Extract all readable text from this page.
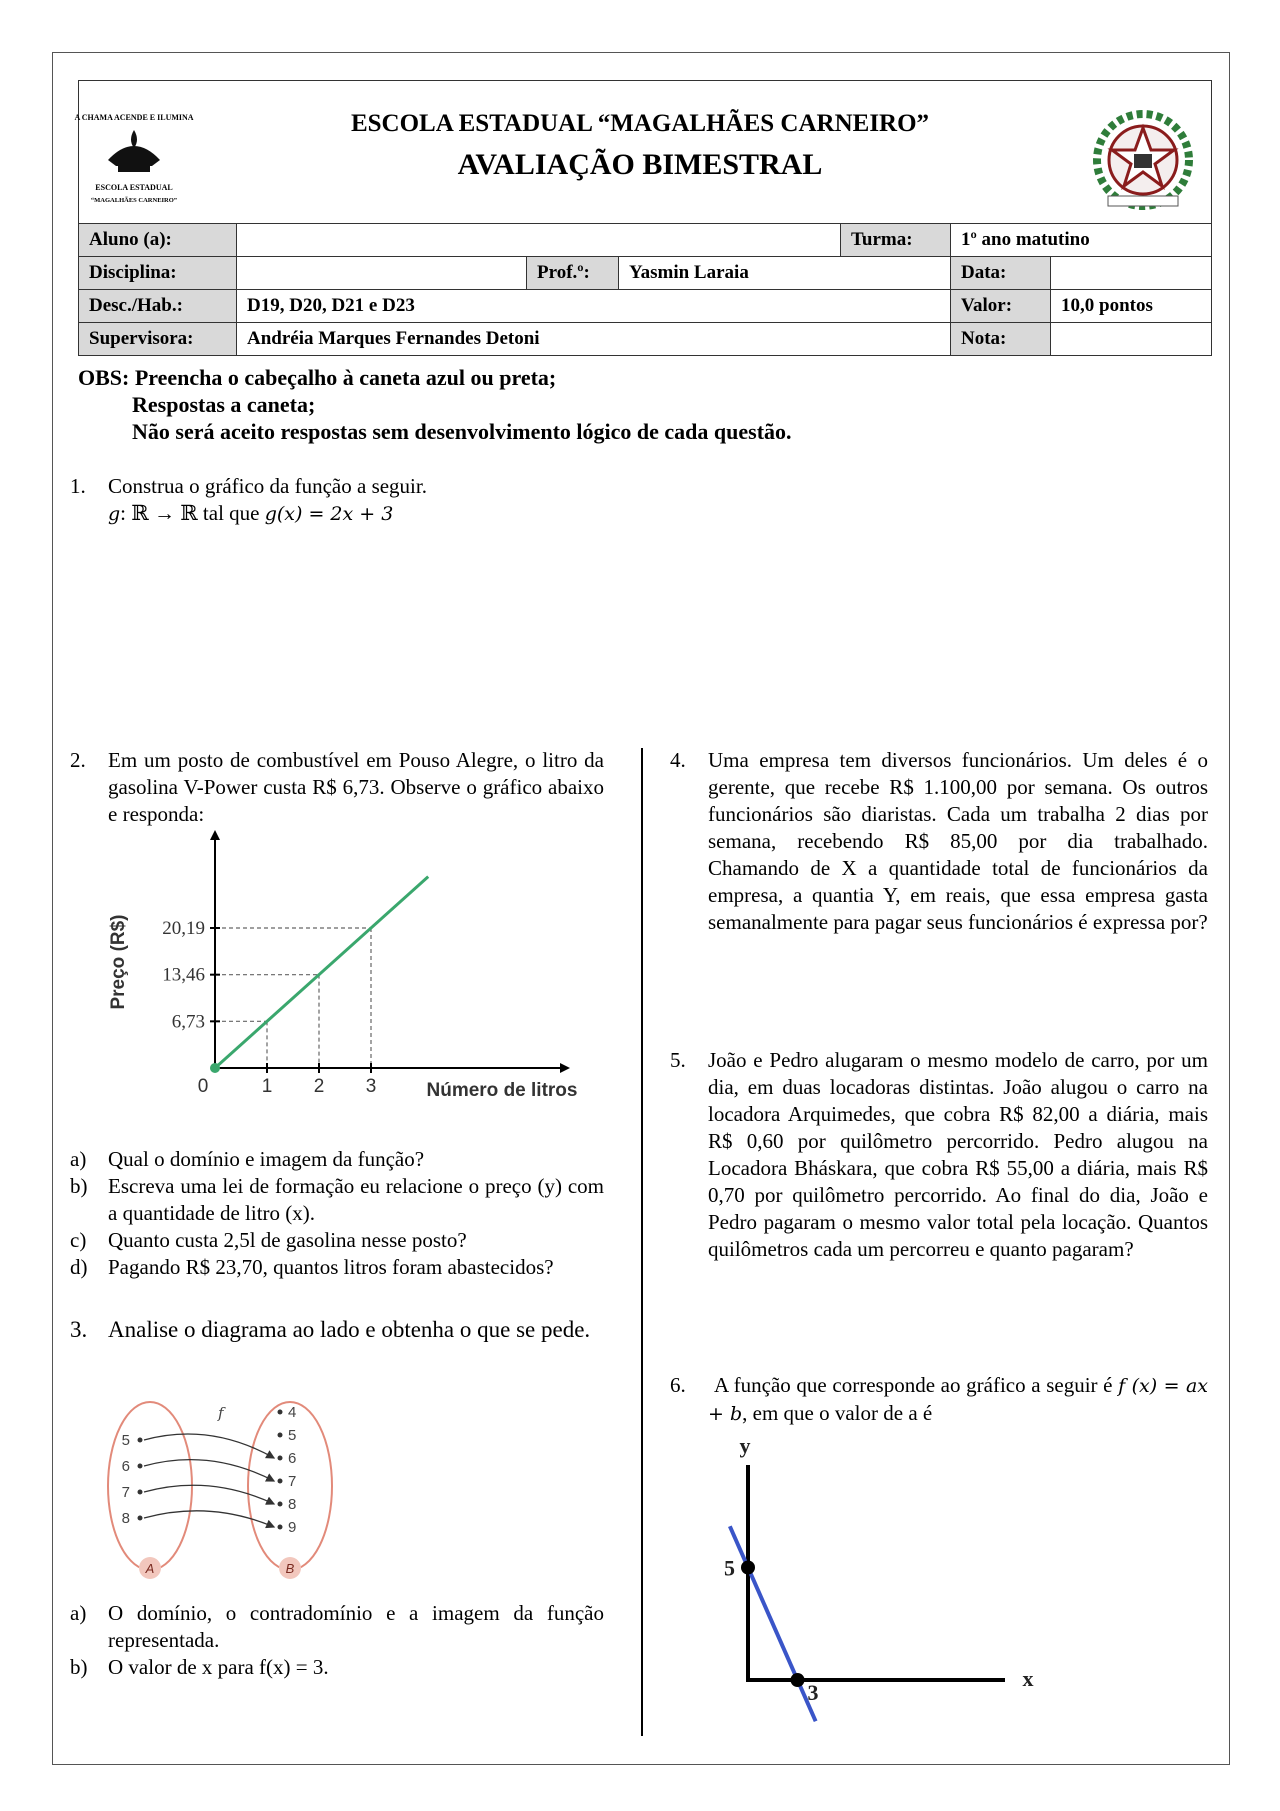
A CHAMA ACENDE E ILUMINA
ESCOLA ESTADUAL
“MAGALHÃES CARNEIRO”
ESCOLA ESTADUAL “MAGALHÃES CARNEIRO”
AVALIAÇÃO BIMESTRAL
Aluno (a):				Turma:	1º ano matutino	
Disciplina:		Prof.º:	Yasmin Laraia		Data:	
Desc./Hab.:	D19, D20, D21 e D23				Valor:	10,0 pontos
Supervisora:	Andréia Marques Fernandes Detoni				Nota:	
OBS: Preencha o cabeçalho à caneta azul ou preta;
Respostas a caneta;
Não será aceito respostas sem desenvolvimento lógico de cada questão.
1. Construa o gráfico da função a seguir.
g: ℝ → ℝ tal que g(x) = 2x + 3
2. Em um posto de combustível em Pouso Alegre, o litro da gasolina V-Power custa R$ 6,73. Observe o gráfico abaixo e responda:
0	1 2 3
6,73
13,46
20,19
Número de litros
Preço (R$)
a) Qual o domínio e imagem da função?
b) Escreva uma lei de formação eu relacione o preço (y) com a quantidade de litro (x).
c) Quanto custa 2,5l de gasolina nesse posto?
d) Pagando R$ 23,70, quantos litros foram abastecidos?
3. Analise o diagrama ao lado e obtenha o que se pede.
5
6
7
8
4
5
6
7
8
9
f
A	B
a) O domínio, o contradomínio e a imagem da função representada.
b) O valor de x para f(x) = 3.
4. Uma empresa tem diversos funcionários. Um deles é o gerente, que recebe R$ 1.100,00 por semana. Os outros funcionários são diaristas. Cada um trabalha 2 dias por semana, recebendo R$ 85,00 por dia trabalhado. Chamando de X a quantidade total de funcionários da empresa, a quantia Y, em reais, que essa empresa gasta semanalmente para pagar seus funcionários é expressa por?
5. João e Pedro alugaram o mesmo modelo de carro, por um dia, em duas locadoras distintas. João alugou o carro na locadora Arquimedes, que cobra R$ 82,00 a diária, mais R$ 0,60 por quilômetro percorrido. Pedro alugou na Locadora Bháskara, que cobra R$ 55,00 a diária, mais R$ 0,70 por quilômetro percorrido. Ao final do dia, João e Pedro pagaram o mesmo valor total pela locação. Quantos quilômetros cada um percorreu e quanto pagaram?
6. A função que corresponde ao gráfico a seguir é f (x) = ax + b, em que o valor de a é
y
x
5
3
